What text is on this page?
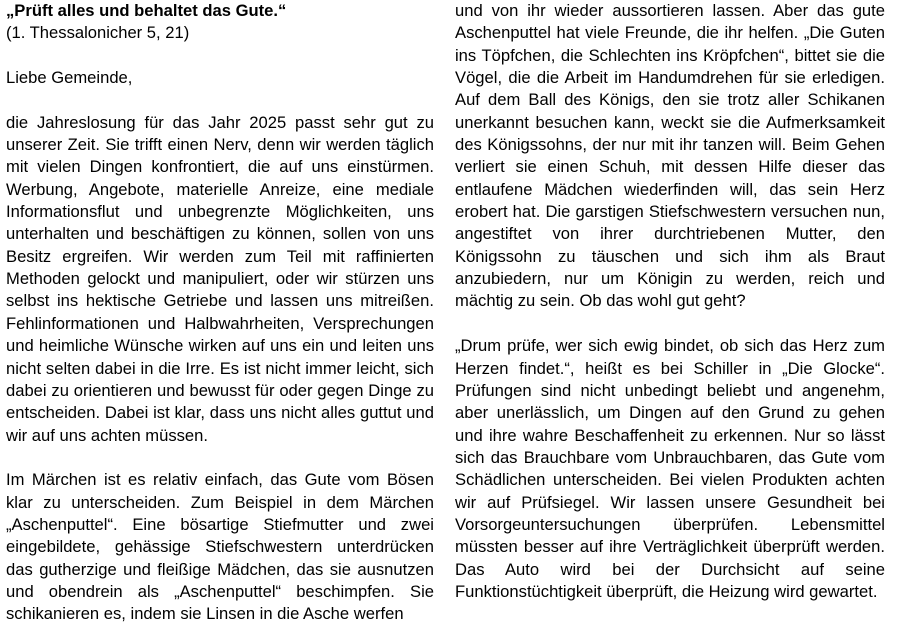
„Prüft alles und behaltet das Gute.“

(1. Thessalonicher 5, 21)

Liebe Gemeinde,

die Jahreslosung für das Jahr 2025 passt sehr gut zu unserer Zeit. Sie trifft einen Nerv, denn wir werden täglich mit vielen Dingen konfrontiert, die auf uns einstürmen. Werbung, Angebote, materielle Anreize, eine mediale Informationsflut und unbegrenzte Möglichkeiten, uns unterhalten und beschäftigen zu können, sollen von uns Besitz ergreifen. Wir werden zum Teil mit raffinierten Methoden gelockt und manipuliert, oder wir stürzen uns selbst ins hektische Getriebe und lassen uns mitreißen. Fehlinformationen und Halbwahrheiten, Versprechungen und heimliche Wünsche wirken auf uns ein und leiten uns nicht selten dabei in die Irre. Es ist nicht immer leicht, sich dabei zu orientieren und bewusst für oder gegen Dinge zu entscheiden. Dabei ist klar, dass uns nicht alles guttut und wir auf uns achten müssen.

Im Märchen ist es relativ einfach, das Gute vom Bösen klar zu unterscheiden. Zum Beispiel in dem Märchen „Aschenputtel“. Eine bösartige Stiefmutter und zwei eingebildete, gehässige Stiefschwestern unterdrücken das gutherzige und fleißige Mädchen, das sie ausnutzen und obendrein als „Aschenputtel“ beschimpfen. Sie schikanieren es, indem sie Linsen in die Asche werfen

und von ihr wieder aussortieren lassen. Aber das gute Aschenputtel hat viele Freunde, die ihr helfen. „Die Guten ins Töpfchen, die Schlechten ins Kröpfchen“, bittet sie die Vögel, die die Arbeit im Handumdrehen für sie erledigen. Auf dem Ball des Königs, den sie trotz aller Schikanen unerkannt besuchen kann, weckt sie die Aufmerksamkeit des Königssohns, der nur mit ihr tanzen will. Beim Gehen verliert sie einen Schuh, mit dessen Hilfe dieser das entlaufene Mädchen wiederfinden will, das sein Herz erobert hat. Die garstigen Stiefschwestern versuchen nun, angestiftet von ihrer durchtriebenen Mutter, den Königssohn zu täuschen und sich ihm als Braut anzubiedern, nur um Königin zu werden, reich und mächtig zu sein. Ob das wohl gut geht?

„Drum prüfe, wer sich ewig bindet, ob sich das Herz zum Herzen findet.“, heißt es bei Schiller in „Die Glocke“. Prüfungen sind nicht unbedingt beliebt und angenehm, aber unerlässlich, um Dingen auf den Grund zu gehen und ihre wahre Beschaffenheit zu erkennen. Nur so lässt sich das Brauchbare vom Unbrauchbaren, das Gute vom Schädlichen unterscheiden. Bei vielen Produkten achten wir auf Prüfsiegel. Wir lassen unsere Gesundheit bei Vorsorgeuntersuchungen überprüfen. Lebensmittel müssten besser auf ihre Verträglichkeit überprüft werden. Das Auto wird bei der Durchsicht auf seine Funktionstüchtigkeit überprüft, die Heizung wird gewartet.
